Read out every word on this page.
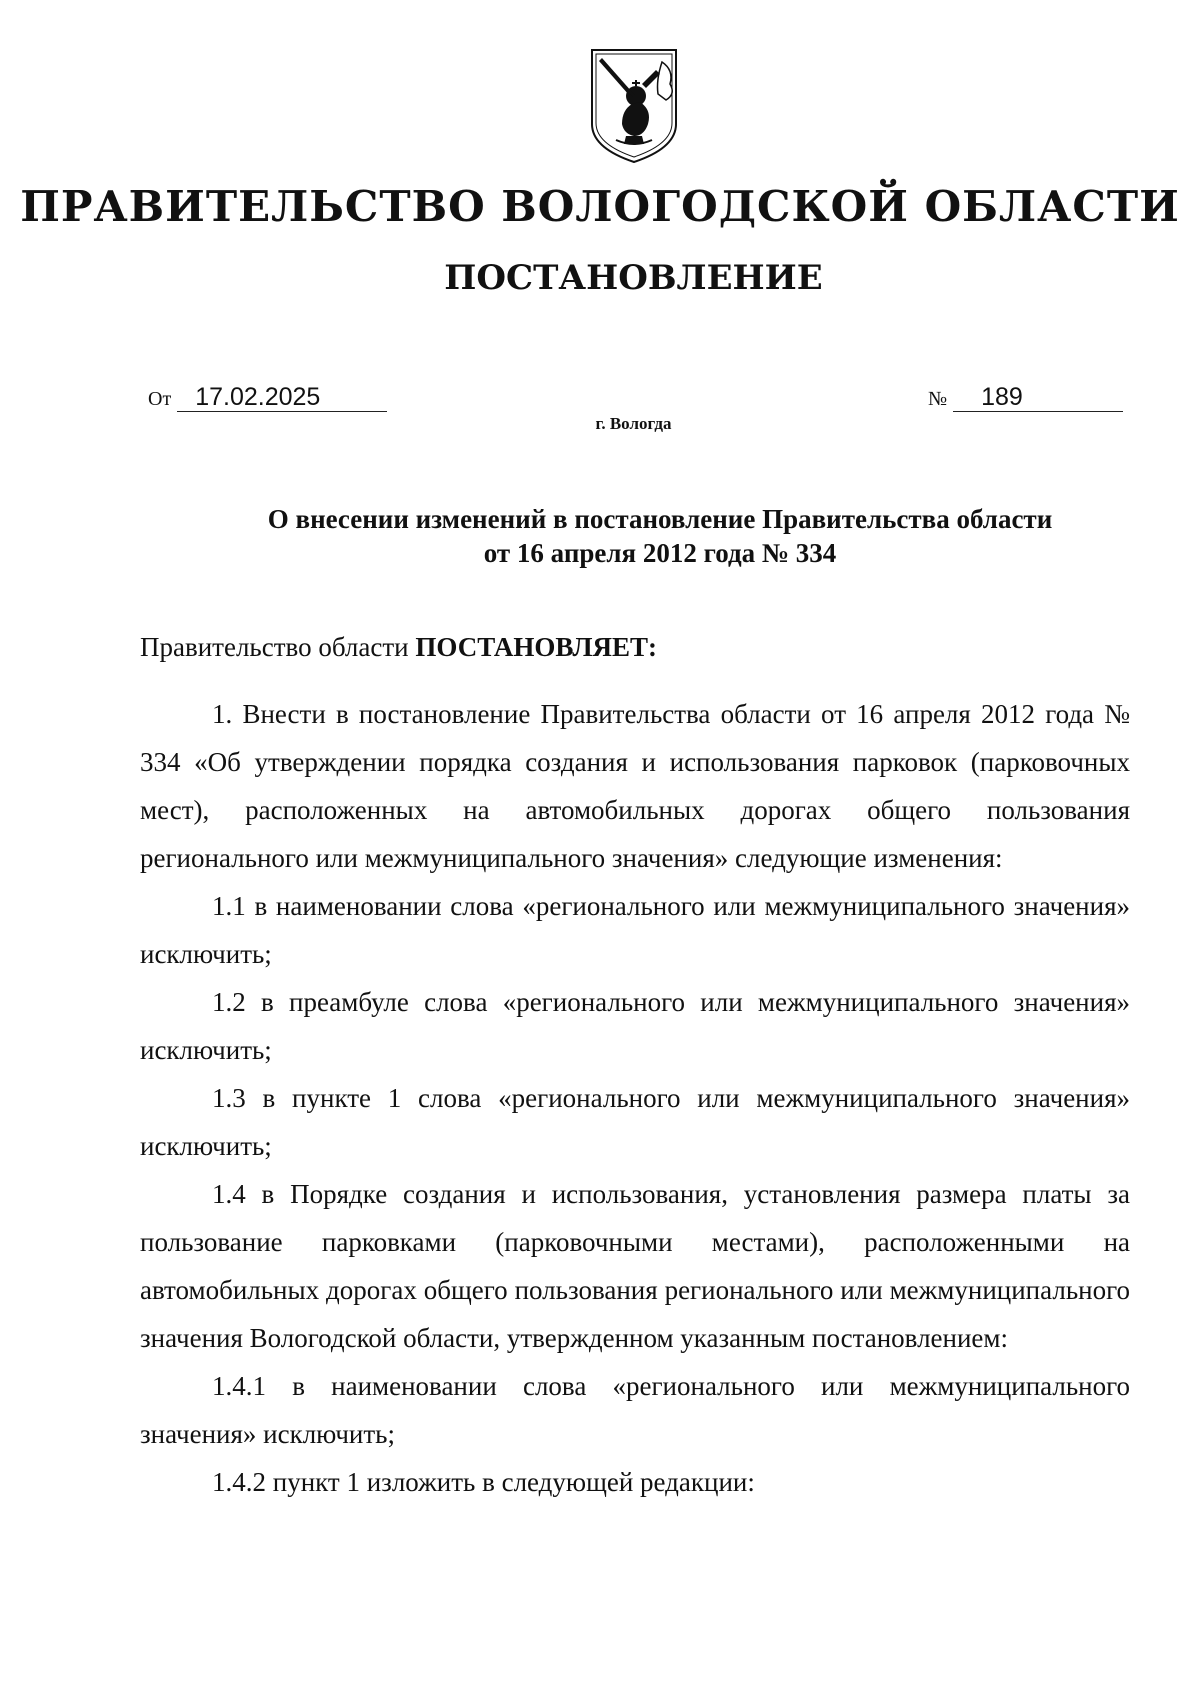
ПРАВИТЕЛЬСТВО ВОЛОГОДСКОЙ ОБЛАСТИ
ПОСТАНОВЛЕНИЕ
От 17.02.2025	№ 189
г. Вологда
О внесении изменений в постановление Правительства области
от 16 апреля 2012 года № 334

Правительство области ПОСТАНОВЛЯЕТ:

1. Внести в постановление Правительства области от 16 апреля 2012 года № 334 «Об утверждении порядка создания и использования парковок (парковочных мест), расположенных на автомобильных дорогах общего пользования регионального или межмуниципального значения» следующие изменения:

1.1 в наименовании слова «регионального или межмуниципального значения» исключить;

1.2 в преамбуле слова «регионального или межмуниципального значения» исключить;

1.3 в пункте 1 слова «регионального или межмуниципального значения» исключить;

1.4 в Порядке создания и использования, установления размера платы за пользование парковками (парковочными местами), расположенными на автомобильных дорогах общего пользования регионального или межмуниципального значения Вологодской области, утвержденном указанным постановлением:

1.4.1 в наименовании слова «регионального или межмуниципального значения» исключить;

1.4.2 пункт 1 изложить в следующей редакции:
